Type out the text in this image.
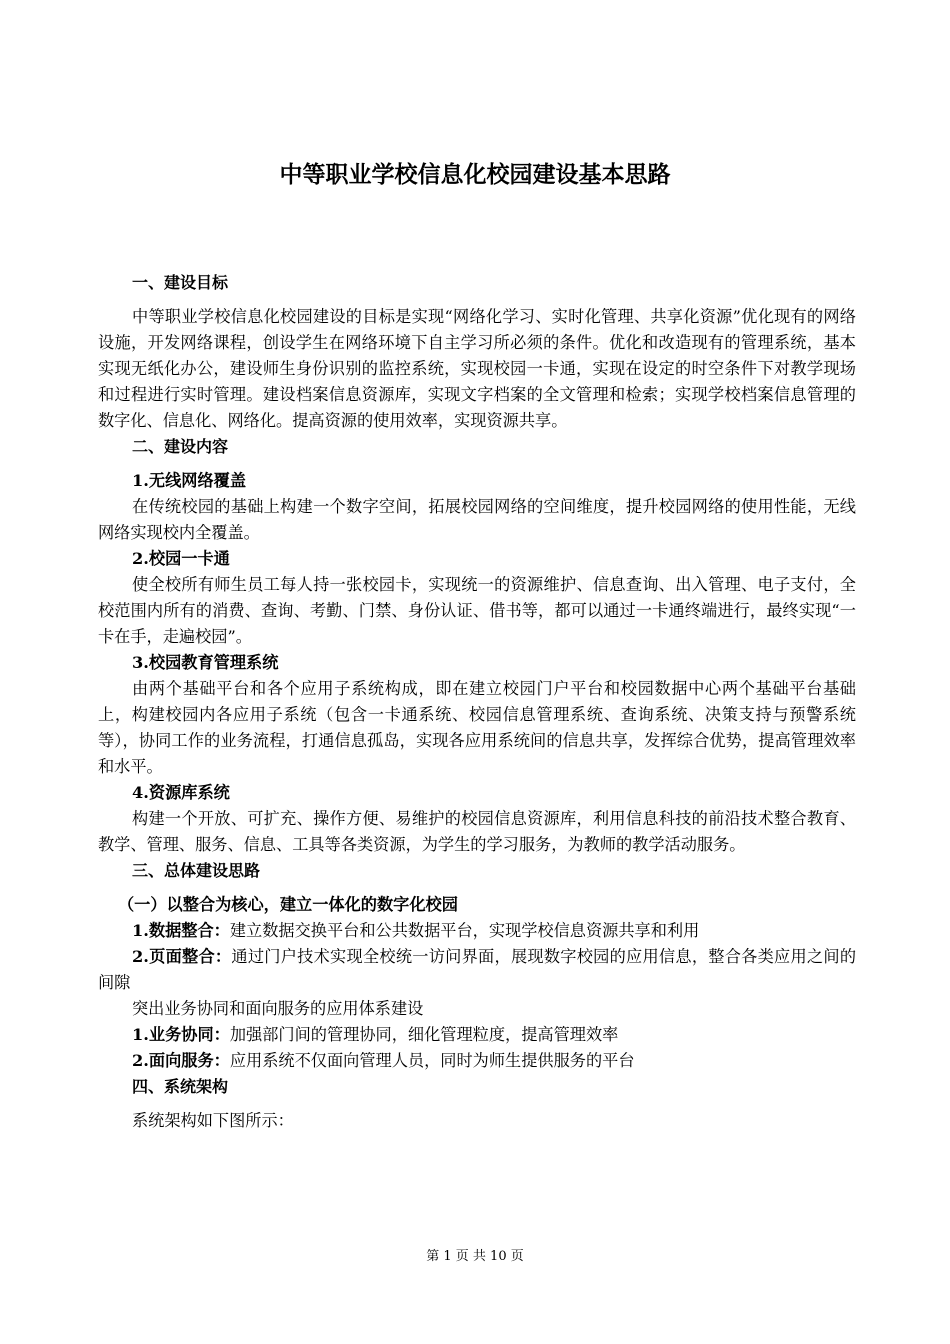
中等职业学校信息化校园建设基本思路

一、建设目标

中等职业学校信息化校园建设的目标是实现“网络化学习、实时化管理、共享化资源”优化现有的网络设施，开发网络课程，创设学生在网络环境下自主学习所必须的条件。优化和改造现有的管理系统，基本实现无纸化办公，建设师生身份识别的监控系统，实现校园一卡通，实现在设定的时空条件下对教学现场和过程进行实时管理。建设档案信息资源库，实现文字档案的全文管理和检索；实现学校档案信息管理的数字化、信息化、网络化。提高资源的使用效率，实现资源共享。

二、建设内容

1.无线网络覆盖

在传统校园的基础上构建一个数字空间，拓展校园网络的空间维度，提升校园网络的使用性能，无线网络实现校内全覆盖。

2.校园一卡通

使全校所有师生员工每人持一张校园卡，实现统一的资源维护、信息查询、出入管理、电子支付，全校范围内所有的消费、查询、考勤、门禁、身份认证、借书等，都可以通过一卡通终端进行，最终实现“一卡在手，走遍校园”。

3.校园教育管理系统

由两个基础平台和各个应用子系统构成，即在建立校园门户平台和校园数据中心两个基础平台基础上，构建校园内各应用子系统（包含一卡通系统、校园信息管理系统、查询系统、决策支持与预警系统等），协同工作的业务流程，打通信息孤岛，实现各应用系统间的信息共享，发挥综合优势，提高管理效率和水平。

4.资源库系统

构建一个开放、可扩充、操作方便、易维护的校园信息资源库，利用信息科技的前沿技术整合教育、教学、管理、服务、信息、工具等各类资源，为学生的学习服务，为教师的教学活动服务。

三、总体建设思路

（一）以整合为核心，建立一体化的数字化校园

1.数据整合：建立数据交换平台和公共数据平台，实现学校信息资源共享和利用

2.页面整合：通过门户技术实现全校统一访问界面，展现数字校园的应用信息，整合各类应用之间的间隙

突出业务协同和面向服务的应用体系建设

1.业务协同：加强部门间的管理协同，细化管理粒度，提高管理效率

2.面向服务：应用系统不仅面向管理人员，同时为师生提供服务的平台

四、系统架构

系统架构如下图所示：

第 1 页 共 10 页
